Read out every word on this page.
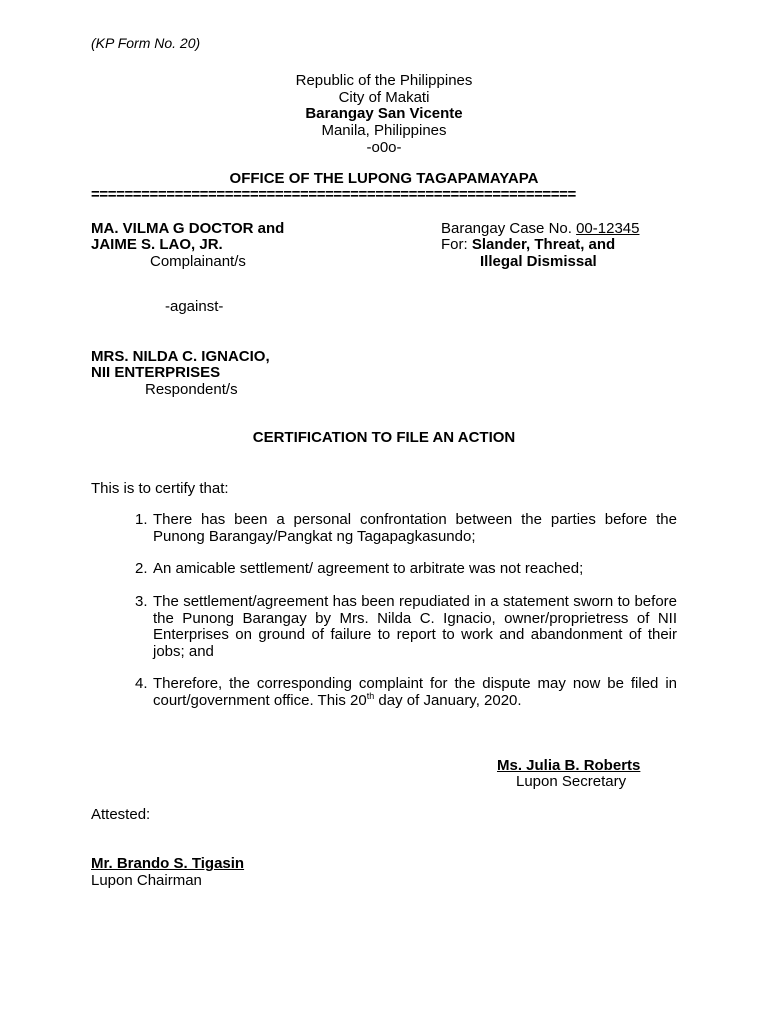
(KP Form No. 20)
Republic of the Philippines
City of Makati
Barangay San Vicente
Manila, Philippines
-o0o-
OFFICE OF THE LUPONG TAGAPAMAYAPA
==========================================================
MA. VILMA G DOCTOR and
JAIME S. LAO, JR.
Complainant/s
Barangay Case No. 00-12345
For: Slander, Threat, and
Illegal Dismissal
-against-
MRS. NILDA C. IGNACIO,
NII ENTERPRISES
Respondent/s
CERTIFICATION TO FILE AN ACTION
This is to certify that:
1. There has been a personal confrontation between the parties before the Punong Barangay/Pangkat ng Tagapagkasundo;
2. An amicable settlement/ agreement to arbitrate was not reached;
3. The settlement/agreement has been repudiated in a statement sworn to before the Punong Barangay by Mrs. Nilda C. Ignacio, owner/proprietress of NII Enterprises on ground of failure to report to work and abandonment of their jobs; and
4. Therefore, the corresponding complaint for the dispute may now be filed in court/government office. This 20th day of January, 2020.
Ms. Julia B. Roberts
Lupon Secretary
Attested:
Mr. Brando S. Tigasin
Lupon Chairman
